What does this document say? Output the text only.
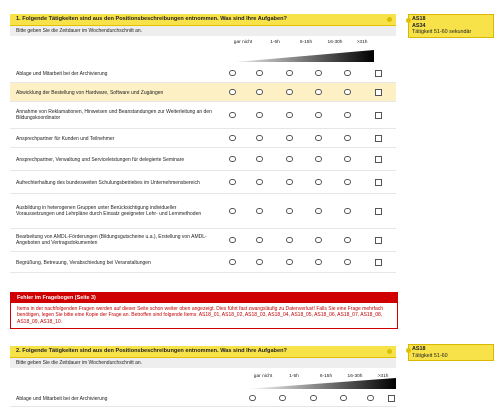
1. Folgende Tätigkeiten sind aus den Positionsbeschreibungen entnommen. Was sind Ihre Aufgaben?
Bitte geben Sie die Zeitdauer im Wochendurchschnitt an.
gar nicht	1-5h	6-15h	16-30h	>31h
Ablage und Mitarbeit bei der Archivierung
Abwicklung der Bestellung von Hardware, Software und Zugängen
Annahme von Reklamationen, Hinweisen und Beanstandungen zur Weiterleitung an den Bildungskoordinator
Ansprechpartner für Kunden und Teilnehmer
Ansprechpartner, Verwaltung und Serviceleistungen für delegierte Seminare
Aufrechterhaltung des bundesweiten Schulungsbetriebes im Unternehmensbereich
Ausbildung in heterogenen Gruppen unter Berücksichtigung individueller Voraussetzungen und Lehrpläne durch Einsatz geeigneter Lehr- und Lernmethoden
Bearbeitung von AMDL-Förderungen (Bildungsgutscheine u.a.), Erstellung von AMDL-Angeboten und Vertragsdokumenten
Begrüßung, Betreuung, Verabschiedung bei Veranstaltungen
AS18
AS34
Tätigkeit 51-60 sekundär
Fehler im Fragebogen (Seite 3)
Items in der nachfolgenden Fragen werden auf dieser Seite schon weiter oben angezeigt. Dies führt fast zwangsläufig zu Datenverlust! Falls Sie eine Frage mehrfach benötigen, legen Sie bitte eine Kopie der Frage an. Betroffen sind folgende Items: AS18_01, AS18_02, AS18_03, AS18_04, AS18_05, AS18_06, AS18_07, AS18_08, AS18_09, AS18_10.
2. Folgende Tätigkeiten sind aus den Positionsbeschreibungen entnommen. Was sind Ihre Aufgaben?
Bitte geben Sie die Zeitdauer im Wochendurchschnitt an.
gar nicht	1-5h	6-15h	16-30h	>31h
Ablage und Mitarbeit bei der Archivierung
AS18
Tätigkeit 51-60
